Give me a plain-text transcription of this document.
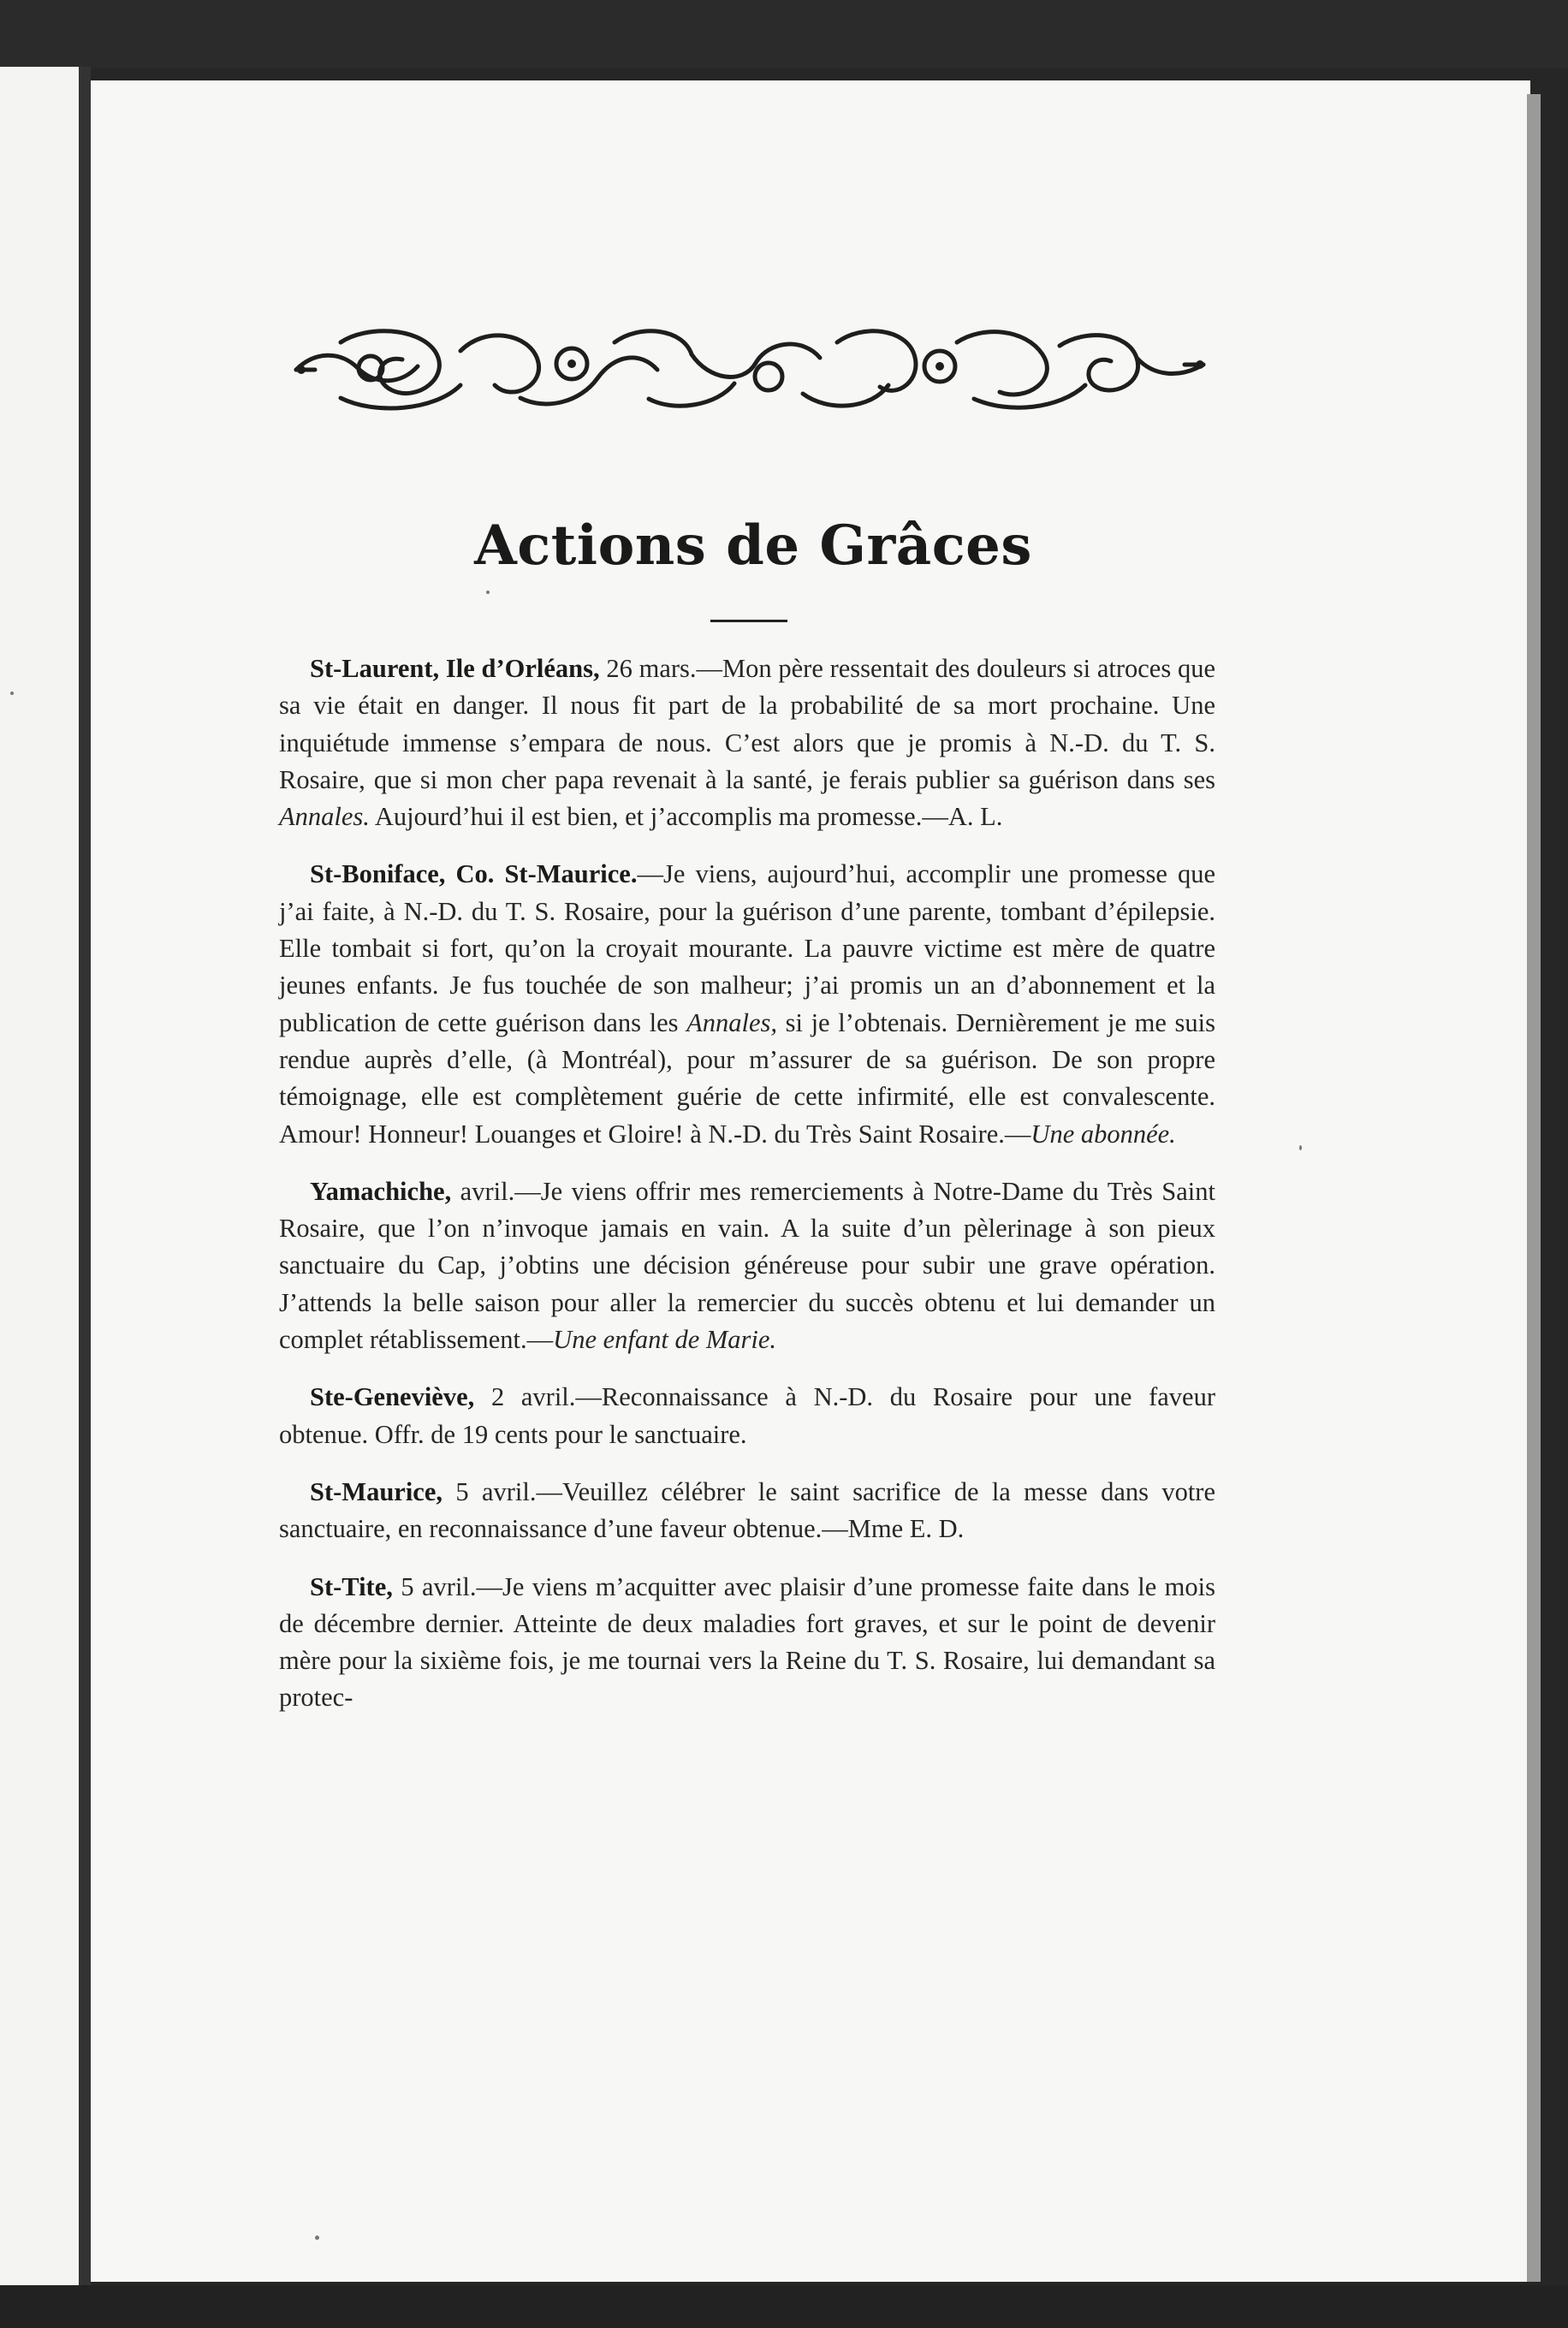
Actions de Grâces

St-Laurent, Ile d’Orléans, 26 mars.—Mon père ressentait des douleurs si atroces que sa vie était en danger. Il nous fit part de la probabilité de sa mort prochaine. Une inquiétude immense s’empara de nous. C’est alors que je promis à N.-D. du T. S. Rosaire, que si mon cher papa revenait à la santé, je ferais publier sa guérison dans ses Annales. Aujourd’hui il est bien, et j’accomplis ma promesse.—A. L.

St-Boniface, Co. St-Maurice.—Je viens, aujourd’hui, accomplir une promesse que j’ai faite, à N.-D. du T. S. Rosaire, pour la guérison d’une parente, tombant d’épilepsie. Elle tombait si fort, qu’on la croyait mourante. La pauvre victime est mère de quatre jeunes enfants. Je fus touchée de son malheur; j’ai promis un an d’abonnement et la publication de cette guérison dans les Annales, si je l’obtenais. Dernièrement je me suis rendue auprès d’elle, (à Montréal), pour m’assurer de sa guérison. De son propre témoignage, elle est complètement guérie de cette infirmité, elle est convalescente. Amour! Honneur! Louanges et Gloire! à N.-D. du Très Saint Rosaire.—Une abonnée.

Yamachiche, avril.—Je viens offrir mes remerciements à Notre-Dame du Très Saint Rosaire, que l’on n’invoque jamais en vain. A la suite d’un pèlerinage à son pieux sanctuaire du Cap, j’obtins une décision généreuse pour subir une grave opération. J’attends la belle saison pour aller la remercier du succès obtenu et lui demander un complet rétablissement.—Une enfant de Marie.

Ste-Geneviève, 2 avril.—Reconnaissance à N.-D. du Rosaire pour une faveur obtenue. Offr. de 19 cents pour le sanctuaire.

St-Maurice, 5 avril.—Veuillez célébrer le saint sacrifice de la messe dans votre sanctuaire, en reconnaissance d’une faveur obtenue.—Mme E. D.

St-Tite, 5 avril.—Je viens m’acquitter avec plaisir d’une promesse faite dans le mois de décembre dernier. Atteinte de deux maladies fort graves, et sur le point de devenir mère pour la sixième fois, je me tournai vers la Reine du T. S. Rosaire, lui demandant sa protec-
